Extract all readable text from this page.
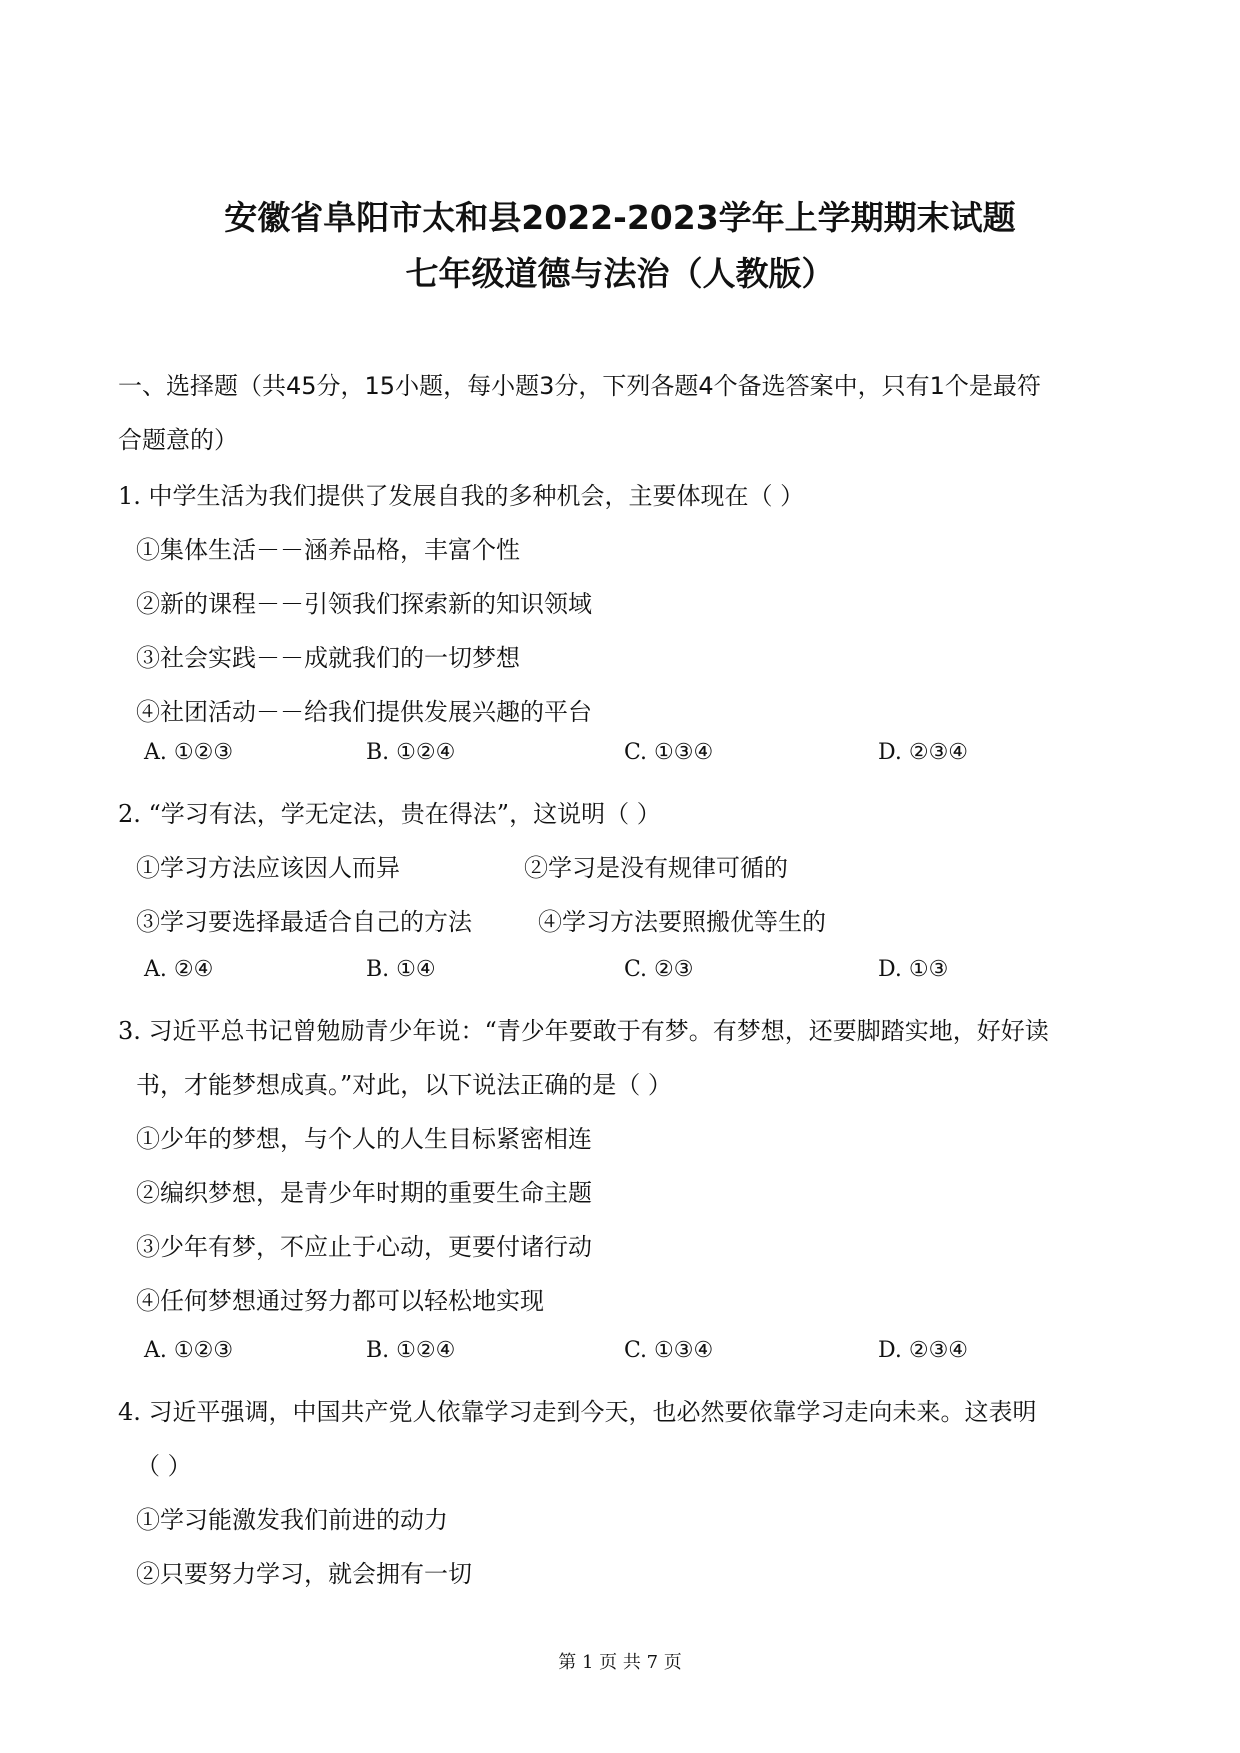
安徽省阜阳市太和县2022-2023学年上学期期末试题
七年级道德与法治（人教版）
一、选择题（共45分，15小题，每小题3分，下列各题4个备选答案中，只有1个是最符
合题意的）
1. 中学生活为我们提供了发展自我的多种机会，主要体现在（ ）
①集体生活－－涵养品格，丰富个性
②新的课程－－引领我们探索新的知识领域
③社会实践－－成就我们的一切梦想
④社团活动－－给我们提供发展兴趣的平台
A. ①②③	B. ①②④	C. ①③④	D. ②③④
2. “学习有法，学无定法，贵在得法”，这说明（ ）
①学习方法应该因人而异	②学习是没有规律可循的
③学习要选择最适合自己的方法	④学习方法要照搬优等生的
A. ②④	B. ①④	C. ②③	D. ①③
3. 习近平总书记曾勉励青少年说：“青少年要敢于有梦。有梦想，还要脚踏实地，好好读
书，才能梦想成真。”对此，以下说法正确的是（ ）
①少年的梦想，与个人的人生目标紧密相连
②编织梦想，是青少年时期的重要生命主题
③少年有梦，不应止于心动，更要付诸行动
④任何梦想通过努力都可以轻松地实现
A. ①②③	B. ①②④	C. ①③④	D. ②③④
4. 习近平强调，中国共产党人依靠学习走到今天，也必然要依靠学习走向未来。这表明
（ ）
①学习能激发我们前进的动力
②只要努力学习，就会拥有一切
第 1 页 共 7 页
